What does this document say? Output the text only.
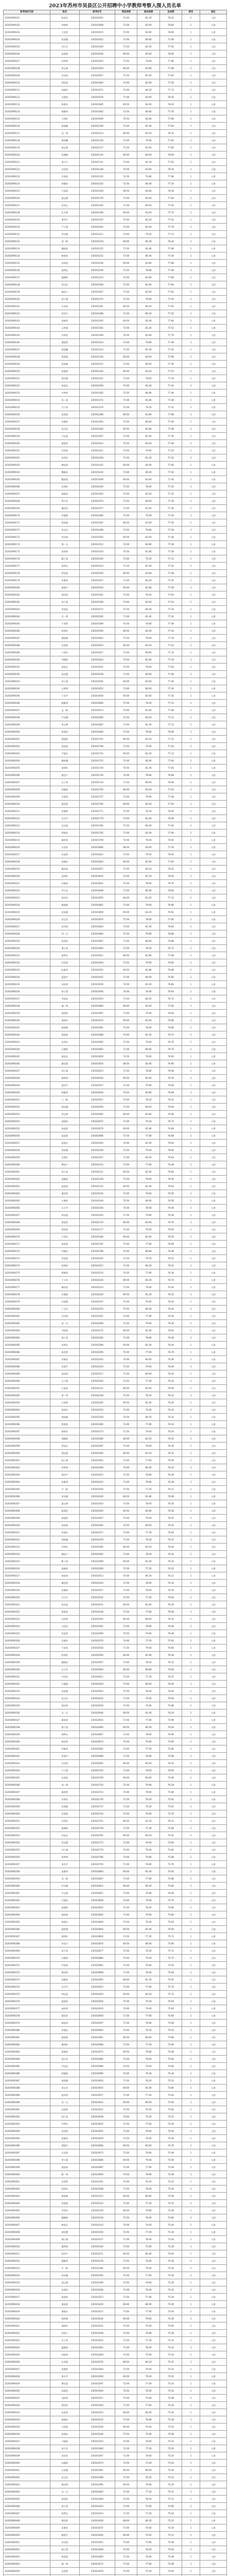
2023年苏州市吴县区公开招聘中小学教师考察入围人员名单
报考岗位代码	姓名	准考证号	笔试成绩	面试成绩	总成绩	排名	备注
10203090101	陈思远	230101001	74.50	81.20	78.52	1	入围
10203090102	李婷婷	230101008	72.00	83.40	78.84	1	入围
10203090103	王佳怡	230101015	70.50	84.60	78.96	1	入围
10203090104	张雨涵	230101022	73.00	80.80	77.68	1	入围
10203090105	刘子轩	230101029	71.50	82.20	77.92	1	入围
10203090106	赵欣然	230101036	69.00	85.00	78.60	1	入围
10203090107	孙梦琪	230101043	75.50	79.60	77.96	1	入围
10203090108	周文博	230101050	68.50	83.80	77.68	1	入围
10203090109	吴诗雨	230101057	72.50	81.00	77.60	1	入围
10203090110	郑浩然	230101064	70.00	82.60	77.56	1	入围
10203090111	钱晓彤	230101071	74.00	80.20	77.72	1	入围
10203090112	冯嘉怡	230101078	71.00	83.00	78.20	1	入围
10203090113	陈俊杰	230101085	69.50	84.40	78.44	1	入围
10203090114	褚雅琴	230101092	73.50	80.60	77.76	1	入围
10203090115	卫明轩	230101099	70.50	82.80	77.88	1	入围
10203090116	蒋丽娜	230101106	72.00	81.40	77.64	1	入围
10203090117	沈一鸣	230101113	68.00	85.20	78.32	1	入围
10203090118	韩若曦	230101120	75.00	79.40	77.64	1	入围
10203090119	杨志强	230101127	71.50	82.00	77.80	1	入围
10203090120	朱晓梅	230101134	69.00	84.00	78.00	1	入围
10203090121	秦天宇	230101141	73.00	81.20	77.92	1	入围
10203090122	尤佳琪	230101148	70.00	83.60	78.16	1	入围
10203090123	许晨阳	230101155	74.50	79.80	77.68	1	入围
10203090124	何静怡	230101162	72.50	80.40	77.24	1	入围
10203090125	吕思琪	230101169	68.50	84.80	78.28	1	入围
10203090126	施文静	230101176	71.00	82.40	77.84	1	入围
10203090127	张凯文	230101183	73.50	80.00	77.40	1	入围
10203090128	孔令萱	230101190	69.50	83.20	77.72	1	入围
10203090129	曹雪芹	230101197	70.50	82.20	77.52	1	入围
10203090130	严子墨	230101204	72.00	81.60	77.76	1	入围
10203090131	华诗涵	230101211	74.00	79.20	77.12	1	入围
10203090132	金一帆	230101218	68.00	85.40	78.44	1	入围
10203090133	魏嘉豪	230101225	71.50	81.80	77.68	1	入围
10203090134	陶欣怡	230101232	73.00	80.40	77.44	1	入围
10203090135	姜雨萱	230101239	69.00	83.80	77.88	1	入围
10203090136	戚明远	230101246	75.50	78.80	77.48	1	入围
10203090137	谢婉婷	230101253	70.00	82.80	77.68	1	入围
10203090138	邹文轩	230101260	72.50	81.00	77.60	1	入围
10203090139	喻佳宁	230101267	71.00	82.00	77.60	1	入围
10203090140	柏子涵	230101274	74.50	79.60	77.56	1	入围
10203090141	水若彤	230101281	68.50	84.20	77.92	1	入围
10203090142	窦浩宇	230101288	73.50	80.20	77.52	1	入围
10203090143	章晓雯	230101295	69.50	83.40	77.84	1	入围
10203090144	云梓涵	230101302	72.00	81.20	77.52	1	入围
10203090145	苏明哲	230101309	70.50	82.60	77.76	1	入围
10203090146	潘悦然	230101316	74.00	79.80	77.48	1	入围
10203090147	葛晨曦	230101323	71.50	81.40	77.44	1	入围
10203090148	奚嘉琪	230101330	68.00	84.60	77.96	1	入围
10203090149	范雨桐	230101337	73.00	80.60	77.56	1	入围
10203090150	彭俊豪	230101344	69.00	83.20	77.52	1	入围
10203090151	郎诗雅	230101351	75.00	78.60	77.16	1	入围
10203090152	鲁思远	230101358	70.00	82.40	77.44	1	入围
10203090153	韦梦瑶	230101365	72.50	80.80	77.48	1	入围
10203090154	昌一诺	230101372	71.00	81.80	77.48	1	入围
10203090155	马子豪	230101379	74.50	79.20	77.32	1	入围
10203090156	苗欣悦	230101386	68.50	83.80	77.68	1	入围
10203090157	凤雅婷	230101393	73.50	80.00	77.40	1	入围
10203090158	花天佑	230101400	69.50	82.80	77.48	1	入围
10203090159	方佳蕊	230101407	72.00	81.00	77.40	1	入围
10203090160	俞晨希	230101414	70.50	82.00	77.40	1	入围
10203090161	任梓萱	230101421	74.00	79.40	77.24	1	入围
10203090162	袁浩轩	230101428	71.50	81.20	77.32	1	入围
10203090163	柳思琪	230101435	68.00	84.00	77.60	1	入围
10203090164	酆晓东	230101442	73.00	80.40	77.44	1	入围
10203090165	鲍雨欣	230101449	69.00	83.00	77.40	1	入围
10203090166	史明轩	230101456	75.50	78.40	77.24	1	入围
10203090167	唐婉清	230101463	70.00	82.20	77.32	1	入围
10203090168	费子轩	230101470	72.50	80.60	77.36	1	入围
10203090169	廉佳怡	230101477	71.00	81.60	77.36	1	入围
10203090170	岑俊熙	230101484	74.50	79.00	77.20	1	入围
10203090171	薛雨涵	230101491	68.50	83.60	77.56	1	入围
10203090172	雷文杰	230101498	73.50	79.80	77.28	1	入围
10203090173	贺诗琪	230101505	69.50	82.60	77.36	1	入围
10203090174	倪一凡	230101512	72.00	80.80	77.28	1	入围
10203090175	汤欣妍	230101519	70.50	81.80	77.28	1	入围
10203090176	滕子睿	230101526	74.00	79.20	77.12	1	入围
10203090177	殷梦洁	230101533	71.50	81.00	77.20	1	入围
10203090178	罗浩然	230101540	68.00	83.80	77.48	1	入围
10203090179	毕雅雯	230101547	73.00	80.20	77.32	1	入围
10203090180	郝晨宇	230101554	69.00	82.80	77.28	1	入围
10203090181	邬佳琪	230101561	75.00	78.40	77.04	1	入围
10203090182	安子墨	230101568	70.00	82.00	77.20	1	入围
10203090183	常思雨	230101575	72.50	80.40	77.24	1	入围
10203090184	乐一鸣	230101582	71.00	81.40	77.24	1	入围
10203090185	于欣然	230101589	74.50	78.80	77.08	1	入围
10203090186	时梓轩	230101596	68.50	83.40	77.44	1	入围
10203090187	傅雨桐	230101603	73.50	79.60	77.16	1	入围
10203090188	皮嘉欣	230101610	69.50	82.40	77.24	1	入围
10203090189	卞明杰	230101617	72.00	80.60	77.16	1	入围
10203090190	齐婉婷	230101624	70.50	81.60	77.16	1	入围
10203090191	康思远	230101631	74.00	79.00	77.00	1	入围
10203090192	伍佳慧	230101638	71.50	80.80	77.08	1	入围
10203090193	余子涵	230101645	68.00	83.60	77.36	1	入围
10203090194	元梦琪	230101652	73.00	80.00	77.20	1	入围
10203090195	卜浩宇	230101659	69.00	82.60	77.16	1	入围
10203090196	顾雅琴	230101666	75.50	78.20	77.12	1	入围
10203090197	孟一帆	230101673	70.00	81.80	77.08	1	入围
10203090198	平诗涵	230101680	72.50	80.20	77.12	1	入围
10203090199	黄文博	230101687	71.00	81.20	77.12	1	入围
10203090200	和欣怡	230101694	74.50	78.60	76.96	1	入围
10203090201	穆晨阳	230101701	68.50	83.20	77.32	1	入围
10203090202	萧雨萱	230101708	73.50	79.40	77.04	1	入围
10203090203	尹俊杰	230101715	69.50	82.20	77.12	1	入围
10203090204	姚梓涵	230101722	72.00	80.40	77.04	1	入围
10203090205	邵明轩	230101729	70.50	81.40	77.04	1	入围
10203090206	湛佳宁	230101736	74.00	78.80	76.88	1	入围
10203090207	汪子豪	230101743	71.50	80.60	76.96	1	入围
10203090208	祁婉清	230101750	68.00	83.40	77.24	1	入围
10203090209	毛思琪	230101757	73.00	79.80	77.08	1	入围
10203090210	禹浩然	230101764	69.00	82.40	77.04	1	入围
10203090211	狄雅婷	230101771	75.00	78.20	76.92	1	入围
10203090212	米天宇	230101778	70.00	81.60	76.96	1	入围
10203090213	贝佳蕊	230101785	72.50	80.00	77.00	1	入围
10203090214	明晨希	230101792	71.00	81.00	77.00	1	入围
10203090215	臧梓萱	230101799	74.50	78.40	76.84	1	入围
10203090216	计浩轩	230101806	68.50	83.00	77.20	1	入围
10203090217	伏思琪	230101813	73.50	79.20	76.92	1	入围
10203090218	成晓东	230101820	69.50	82.00	77.00	1	入围
10203090219	戴雨欣	230101827	72.00	80.20	76.92	1	入围
10203090220	谈明轩	230101834	70.50	81.20	76.92	1	入围
10203090221	宋婉清	230101841	74.00	78.60	76.76	1	入围
10203090222	茅子轩	230101848	71.50	80.40	76.84	1	入围
10203090223	庞佳怡	230101855	68.00	83.20	77.12	1	入围
10203090224	熊俊熙	230101862	73.00	79.60	76.96	1	入围
10203090225	纪雨涵	230101869	69.00	82.20	76.92	1	入围
10203090226	舒文杰	230101876	75.50	78.00	77.00	1	入围
10203090227	屈诗琪	230101883	70.00	81.40	76.84	1	入围
10203090228	项一凡	230101890	72.50	79.80	76.88	1	入围
10203090229	祝欣妍	230101897	71.00	80.80	76.88	1	入围
10203090230	董子睿	230101904	74.50	78.20	76.72	1	入围
10203090231	梁梦洁	230101911	68.50	82.80	77.08	1	入围
10203090232	杜浩然	230101918	73.50	79.00	76.80	1	入围
10203090233	阮雅雯	230101925	69.50	81.80	76.88	1	入围
10203090234	蓝晨宇	230101932	72.00	80.00	76.80	1	入围
10203090235	闵佳琪	230101939	70.50	81.00	76.80	1	入围
10203090236	席子墨	230101946	74.00	78.40	76.64	1	入围
10203090237	季思雨	230101953	71.50	80.20	76.72	1	入围
10203090238	麻一鸣	230101960	68.00	83.00	77.00	1	入围
10203090239	强欣然	230101967	73.00	79.40	76.84	1	入围
10203090240	贾梓轩	230101974	69.00	82.00	76.80	1	入围
10203090241	路雨桐	230101981	75.00	78.00	76.80	1	入围
10203090242	娄嘉欣	230101988	70.00	81.20	76.72	1	入围
10203090243	危明杰	230101995	72.50	79.60	76.76	1	入围
10203090244	江婉婷	230102002	71.00	80.60	76.76	1	入围
10203090245	童思远	230102009	74.50	78.00	76.60	1	入围
10203090246	颜佳慧	230102016	68.50	82.60	76.96	1	入围
10203090247	郭子涵	230102023	73.50	78.80	76.68	1	入围
10203090248	梅梦琪	230102030	69.50	81.60	76.76	1	入围
10203090249	盛浩宇	230102037	72.00	79.80	76.68	1	入围
10203090250	林雅琴	230102044	70.50	80.80	76.68	1	入围
10203090251	刁一帆	230102051	74.00	78.20	76.52	1	入围
10203090252	钟诗涵	230102058	71.50	80.00	76.60	1	入围
10203090253	徐文博	230102065	68.00	82.80	76.88	1	入围
10203090254	邱欣怡	230102072	73.00	79.20	76.72	1	入围
10203090255	骆晨阳	230102079	69.00	81.80	76.68	1	入围
10203090256	高雨萱	230102086	75.50	77.80	76.88	1	入围
10203090257	夏俊杰	230102093	70.00	81.00	76.60	1	入围
10203090258	蔡梓涵	230102100	72.50	79.40	76.64	1	入围
10203090259	田明轩	230102107	71.00	80.40	76.64	1	入围
10203090260	樊佳宁	230102114	74.50	77.80	76.48	1	入围
10203090261	胡子豪	230102121	68.50	82.40	76.84	1	入围
10203090262	凌婉清	230102128	73.50	78.60	76.56	1	入围
10203090263	霍思琪	230102135	69.50	81.40	76.64	1	入围
10203090264	虞浩然	230102142	72.00	79.60	76.56	1	入围
10203090265	万雅婷	230102149	70.50	80.60	76.56	1	入围
10203090266	支天宇	230102156	74.00	78.00	76.40	1	入围
10203090267	柯佳蕊	230102163	71.50	79.80	76.48	1	入围
10203090268	昝晨希	230102170	68.00	82.60	76.76	1	入围
10203090269	管梓萱	230102177	73.00	79.00	76.60	1	入围
10203090270	卢浩轩	230102184	69.00	81.60	76.56	1	入围
10203090271	莫思琪	230102191	75.00	77.80	76.68	1	入围
10203090272	经晓东	230102198	70.00	80.80	76.48	1	入围
10203090273	房雨欣	230102205	72.50	79.20	76.52	1	入围
10203090274	裘明轩	230102212	71.00	80.20	76.52	1	入围
10203090275	缪婉清	230102219	74.50	77.60	76.36	1	入围
10203090276	干子轩	230102226	68.50	82.20	76.72	1	入围
10203090277	解佳怡	230102233	73.50	78.40	76.44	1	入围
10203090278	应俊熙	230102240	69.50	81.20	76.52	1	入围
10203090279	宗雨涵	230102247	72.00	79.40	76.44	1	入围
10203090280	丁文杰	230102254	70.50	80.40	76.44	1	入围
10203090281	宣诗琪	230102261	74.00	77.80	76.28	1	入围
10203090282	贲一凡	230102268	71.50	79.60	76.36	1	入围
10203090283	邓欣妍	230102275	68.00	82.40	76.64	1	入围
10203090284	郁子睿	230102282	73.00	78.80	76.48	1	入围
10203090285	单梦洁	230102289	69.00	81.40	76.44	1	入围
10203090286	杭浩然	230102296	75.50	77.60	76.76	1	入围
10203090287	洪雅雯	230102303	70.00	80.60	76.36	1	入围
10203090288	包晨宇	230102310	72.50	79.00	76.40	1	入围
10203090289	诸佳琪	230102317	71.00	80.00	76.40	1	入围
10203090290	左子墨	230102324	74.50	77.40	76.24	1	入围
10203090291	石思雨	230102331	68.50	82.00	76.60	1	入围
10203090292	崔一鸣	230102338	73.50	78.20	76.32	1	入围
10203090293	吉欣然	230102345	69.50	81.00	76.40	1	入围
10203090294	钮梓轩	230102352	72.00	79.20	76.32	1	入围
10203090295	龚雨桐	230102359	70.50	80.20	76.32	1	入围
10203090296	程嘉欣	230102366	74.00	77.60	76.16	1	入围
10203090297	嵇明杰	230102373	71.50	79.40	76.24	1	入围
10203090298	邢婉婷	230102380	68.00	82.20	76.52	1	入围
10203090299	滑思远	230102387	73.00	78.60	76.36	1	入围
10203090300	裴佳慧	230102394	69.00	81.20	76.32	1	入围
10203090301	陆子涵	230102401	75.00	77.60	76.56	1	入围
10203090302	荣梦琪	230102408	70.00	80.40	76.24	1	入围
10203090303	翁浩宇	230102415	72.50	78.80	76.28	1	入围
10203090304	荀雅琴	230102422	71.00	79.80	76.28	1	入围
10203090305	羊一帆	230102429	74.50	77.20	76.12	1	入围
10203090306	於诗涵	230102436	68.50	81.80	76.48	1	入围
10203090307	惠文博	230102443	73.50	78.00	76.20	1	入围
10203090308	甄欣怡	230102450	69.50	80.80	76.28	1	入围
10203090309	曲晨阳	230102457	72.00	79.00	76.20	1	入围
10203090310	家雨萱	230102464	70.50	80.00	76.20	1	入围
10203090311	封俊杰	230102471	74.00	77.40	76.04	1	入围
10203090312	芮梓涵	230102478	71.50	79.20	76.12	1	入围
10203090313	羿明轩	230102485	68.00	82.00	76.40	1	入围
10203090314	储佳宁	230102492	73.00	78.40	76.24	1	入围
10203090315	靳子豪	230102499	69.00	81.00	76.20	1	入围
10203090316	汲婉清	230102506	75.50	77.20	76.52	1	入围
10203090317	邴思琪	230102513	70.00	80.20	76.12	1	入围
10203090318	糜浩然	230102520	72.50	78.60	76.16	1	入围
10203090319	松雅婷	230102527	71.00	79.60	76.16	1	入围
10203090320	井天宇	230102534	74.50	77.00	76.00	1	入围
10203090321	段佳蕊	230102541	68.50	81.60	76.36	1	入围
10203090322	富晨希	230102548	73.50	77.80	76.08	1	入围
10203090323	巫梓萱	230102555	69.50	80.60	76.16	1	入围
10203090324	乌浩轩	230102562	72.00	78.80	76.08	1	入围
10203090325	焦思琪	230102569	70.50	79.80	76.08	1	入围
10203090326	巴晓东	230102576	74.00	77.20	75.92	1	入围
10203090327	弓雨欣	230102583	71.50	79.00	76.00	1	入围
10203090328	牧明轩	230102590	68.00	81.80	76.28	1	入围
10203090329	隗婉清	230102597	73.00	78.20	76.12	1	入围
10203090330	山子轩	230102604	69.00	80.80	76.08	1	入围
10203090331	谷佳怡	230102611	75.00	77.20	76.32	1	入围
10203090332	车俊熙	230102618	70.00	80.00	76.00	1	入围
10203090333	侯雨涵	230102625	72.50	78.40	76.04	1	入围
10203090334	宓文杰	230102632	71.00	79.40	76.04	1	入围
10203090335	蓬诗琪	230102639	74.50	76.80	75.88	1	入围
10203090336	全一凡	230102646	68.50	81.40	76.24	1	入围
10203090337	郗欣妍	230102653	73.50	77.60	75.96	1	入围
10203090338	班子睿	230102660	69.50	80.40	76.04	1	入围
10203090339	仰梦洁	230102667	72.00	78.60	75.96	1	入围
10203090340	秋浩然	230102674	70.50	79.60	75.96	1	入围
10203090341	仲雅雯	230102681	74.00	77.00	75.80	1	入围
10203090342	伊晨宇	230102688	71.50	78.80	75.88	1	入围
10203090343	宫佳琪	230102695	68.00	81.60	76.16	1	入围
10203090344	宁子墨	230102702	73.00	78.00	76.00	1	入围
10203090345	仇思雨	230102709	69.00	80.60	75.96	1	入围
10203090346	栾一鸣	230102716	75.50	76.80	76.28	1	入围
10203090347	暴欣然	230102723	70.00	79.80	75.88	1	入围
10203090348	甘梓轩	230102730	72.50	78.20	75.92	1	入围
10203090349	钭雨桐	230102737	71.00	79.20	75.92	1	入围
10203090350	厉嘉欣	230102744	74.50	76.60	75.76	1	入围
10203090351	戎明杰	230102751	68.50	81.20	76.12	1	入围
10203090352	祖婉婷	230102758	73.50	77.40	75.84	1	入围
10203090353	武思远	230102765	69.50	80.20	75.92	1	入围
10203090354	符佳慧	230102772	72.00	78.40	75.84	1	入围
10203090355	刘子涵	230102779	70.50	79.40	75.84	1	入围
10203090356	景梦琪	230102786	74.00	76.80	75.68	1	入围
10203090357	詹浩宇	230102793	71.50	78.60	75.76	1	入围
10203090358	束雅琴	230102800	68.00	81.40	76.04	1	入围
10203090359	龙一帆	230102807	73.00	77.80	75.88	1	入围
10203090360	叶诗涵	230102814	69.00	80.40	75.84	1	入围
10203090361	幸文博	230102821	75.00	76.80	76.08	1	入围
10203090362	司欣怡	230102828	70.00	79.60	75.76	1	入围
10203090363	韶晨阳	230102835	72.50	78.00	75.80	1	入围
10203090364	郜雨萱	230102842	71.00	79.00	75.80	1	入围
10203090365	黎俊杰	230102849	74.50	76.40	75.64	1	入围
10203090366	蓟梓涵	230102856	68.50	81.00	76.00	1	入围
10203090367	薄明轩	230102863	73.50	77.20	75.72	1	入围
10203090368	印佳宁	230102870	69.50	80.00	75.80	1	入围
10203090369	宿子豪	230102877	72.00	78.20	75.72	1	入围
10203090370	白婉清	230102884	70.50	79.20	75.72	1	入围
10203090371	怀思琪	230102891	74.00	76.60	75.56	1	入围
10203090372	蒲浩然	230102898	71.50	78.40	75.64	1	入围
10203090373	邰雅婷	230102905	68.00	81.20	75.92	1	入围
10203090374	从天宇	230102912	73.00	77.60	75.76	1	入围
10203090375	鄂佳蕊	230102919	69.00	80.20	75.72	1	入围
10203090376	索晨希	230102926	75.50	76.40	76.04	1	入围
10203090377	咸梓萱	230102933	70.00	79.40	75.64	1	入围
10203090378	籍浩轩	230102940	72.50	77.80	75.68	1	入围
10203090379	赖思琪	230102947	71.00	78.80	75.68	1	入围
10203090380	卓晓东	230102954	74.50	76.20	75.52	1	入围
10203090381	蔺雨欣	230102961	68.50	80.80	75.88	1	入围
10203090382	屠明轩	230102968	73.50	77.00	75.60	1	入围
10203090383	蒙婉清	230102975	69.50	79.80	75.68	1	入围
10203090384	池子轩	230102982	72.00	78.00	75.60	1	入围
10203090385	乔佳怡	230102989	70.50	79.00	75.60	1	入围
10203090386	阴俊熙	230102996	74.00	76.40	75.44	1	入围
10203090387	郁雨涵	230103003	71.50	78.20	75.52	1	入围
10203090388	胥文杰	230103010	68.00	81.00	75.80	1	入围
10203090389	能诗琪	230103017	73.00	77.40	75.64	1	入围
10203090390	苍一凡	230103024	69.00	80.00	75.60	1	入围
10203090391	双欣妍	230103031	75.00	76.40	75.84	1	入围
10203090392	闻子睿	230103038	70.00	79.20	75.52	1	入围
10203090393	莘梦洁	230103045	72.50	77.60	75.56	1	入围
10203090394	党浩然	230103052	71.00	78.60	75.56	1	入围
10203090395	翟雅雯	230103059	74.50	76.00	75.40	1	入围
10203090396	谭晨宇	230103066	68.50	80.60	75.76	1	入围
10203090397	贡佳琪	230103073	73.50	76.80	75.48	1	入围
10203090398	劳子墨	230103080	69.50	79.60	75.56	1	入围
10203090399	逄思雨	230103087	72.00	77.80	75.48	1	入围
10203090400	姬一鸣	230103094	70.50	78.80	75.48	1	入围
10203090401	申欣然	230103101	74.00	76.20	75.32	1	入围
10203090402	扶梓轩	230103108	71.50	78.00	75.40	1	入围
10203090403	堵雨桐	230103115	68.00	80.80	75.68	1	入围
10203090404	冉嘉欣	230103122	73.00	77.20	75.52	1	入围
10203090405	宰明杰	230103129	69.00	79.80	75.48	1	入围
10203090406	郦婉婷	230103136	75.50	76.00	75.80	1	入围
10203090407	雍思远	230103143	70.00	79.00	75.40	1	入围
10203090408	却佳慧	230103150	72.50	77.40	75.44	1	入围
10203090409	璩子涵	230103157	71.00	78.40	75.44	1	入围
10203090410	桑梦琪	230103164	74.50	75.80	75.28	1	入围
10203090411	桂浩宇	230103171	68.50	80.40	75.64	1	入围
10203090412	濮雅琴	230103178	73.50	76.60	75.36	1	入围
10203090413	牛一帆	230103185	69.50	79.40	75.44	1	入围
10203090414	寿诗涵	230103192	72.00	77.60	75.36	1	入围
10203090415	通文博	230103199	70.50	78.60	75.36	1	入围
10203090416	边欣怡	230103206	74.00	76.00	75.20	1	入围
10203090417	扈晨阳	230103213	71.50	77.80	75.28	1	入围
10203090418	燕雨萱	230103220	68.00	80.60	75.56	1	入围
10203090419	冀俊杰	230103227	73.00	77.00	75.40	1	入围
10203090420	郏梓涵	230103234	69.00	79.60	75.36	1	入围
10203090421	浦明轩	230103241	75.00	76.00	75.60	1	入围
10203090422	尚佳宁	230103248	70.00	78.80	75.28	1	入围
10203090423	农子豪	230103255	72.50	77.20	75.32	1	入围
10203090424	温婉清	230103262	71.00	78.20	75.32	1	入围
10203090425	别思琪	230103269	74.50	75.60	75.16	1	入围
10203090426	庄浩然	230103276	68.50	80.20	75.52	1	入围
10203090427	晏雅婷	230103283	73.50	76.40	75.24	1	入围
10203090428	柴天宇	230103290	69.50	79.20	75.32	1	入围
10203090429	瞿佳蕊	230103297	72.00	77.40	75.24	1	入围
10203090430	阎晨希	230103304	70.50	78.40	75.24	1	入围
10203090431	充梓萱	230103311	74.00	75.80	75.08	1	入围
10203090432	慕浩轩	230103318	71.50	77.60	75.16	1	入围
10203090433	连思琪	230103325	68.00	80.40	75.44	1	入围
10203090434	茹晓东	230103332	73.00	76.80	75.28	1	入围
10203090435	习雨欣	230103339	69.00	79.40	75.24	1	入围
10203090436	宦明轩	230103346	75.50	75.80	75.68	1	入围
10203090437	艾婉清	230103353	70.00	78.60	75.16	1	入围
10203090438	鱼子轩	230103360	72.50	77.00	75.20	1	入围
10203090439	容佳怡	230103367	71.00	78.00	75.20	1	入围
10203090440	向俊熙	230103374	74.50	75.40	75.04	1	入围
10203090441	古雨涵	230103381	68.50	80.00	75.40	1	入围
10203090442	易文杰	230103388	73.50	76.20	75.12	1	入围
10203090443	慎诗琪	230103395	69.50	79.00	75.20	1	入围
10203090444	戈一凡	230103402	72.00	77.20	75.12	1	入围
10203090445	廖欣妍	230103409	70.50	78.20	75.12	1	入围
10203090446	庾子睿	230103416	74.00	75.60	74.96	1	入围
10203090447	终梦洁	230103423	71.50	77.40	75.04	1	入围
10203090448	暨浩然	230103430	68.00	80.20	75.32	1	入围
10203090449	居雅雯	230103437	73.00	76.60	75.16	1	入围
10203090450	衡晨宇	230103444	69.00	79.20	75.12	1	入围
10203090451	步佳琪	230103451	75.00	75.80	75.48	1	入围
10203090452	都子墨	230103458	70.00	78.40	75.04	1	入围
10203090453	耿思雨	230103465	72.50	76.80	75.08	1	入围
10203090454	满一鸣	230103472	71.00	77.80	75.08	1	入围
10203090455	弘欣然	230103479	74.50	75.20	74.92	1	入围
